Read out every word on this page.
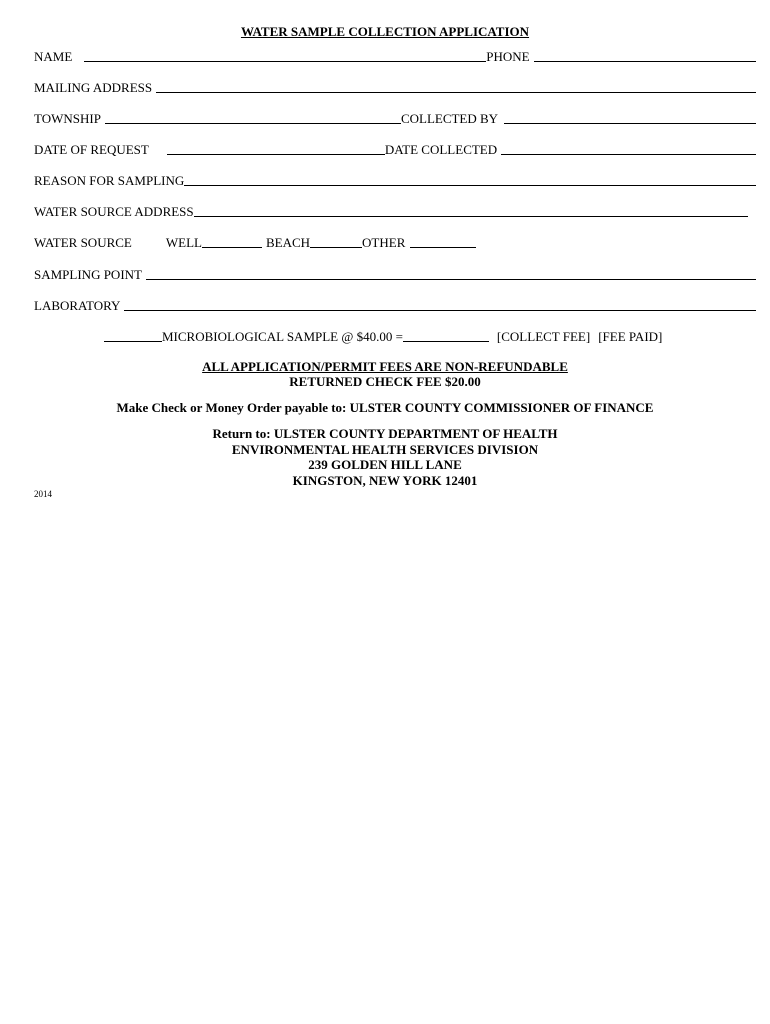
WATER SAMPLE COLLECTION APPLICATION
NAME	PHONE
MAILING ADDRESS
TOWNSHIP	COLLECTED BY
DATE OF REQUEST	DATE COLLECTED
REASON FOR SAMPLING
WATER SOURCE ADDRESS
WATER SOURCE	WELL	BEACH	OTHER
SAMPLING POINT
LABORATORY
MICROBIOLOGICAL SAMPLE @ $40.00 =	[COLLECT FEE] [FEE PAID]
ALL APPLICATION/PERMIT FEES ARE NON-REFUNDABLE
RETURNED CHECK FEE $20.00
Make Check or Money Order payable to: ULSTER COUNTY COMMISSIONER OF FINANCE
Return to: ULSTER COUNTY DEPARTMENT OF HEALTH
ENVIRONMENTAL HEALTH SERVICES DIVISION
239 GOLDEN HILL LANE
KINGSTON, NEW YORK 12401
2014
